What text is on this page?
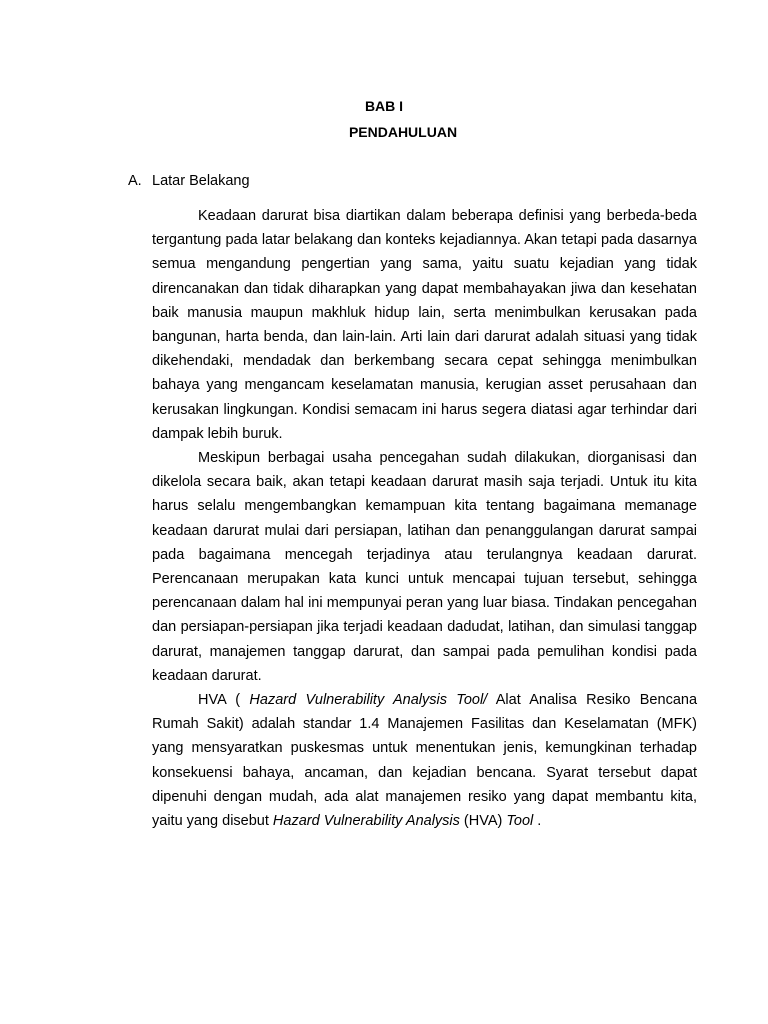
BAB I
PENDAHULUAN
A. Latar Belakang

Keadaan darurat bisa diartikan dalam beberapa definisi yang berbeda-beda tergantung pada latar belakang dan konteks kejadiannya. Akan tetapi pada dasarnya semua mengandung pengertian yang sama, yaitu suatu kejadian yang tidak direncanakan dan tidak diharapkan yang dapat membahayakan jiwa dan kesehatan baik manusia maupun makhluk hidup lain, serta menimbulkan kerusakan pada bangunan, harta benda, dan lain-lain. Arti lain dari darurat adalah situasi yang tidak dikehendaki, mendadak dan berkembang secara cepat sehingga menimbulkan bahaya yang mengancam keselamatan manusia, kerugian asset perusahaan dan kerusakan lingkungan. Kondisi semacam ini harus segera diatasi agar terhindar dari dampak lebih buruk.

Meskipun berbagai usaha pencegahan sudah dilakukan, diorganisasi dan dikelola secara baik, akan tetapi keadaan darurat masih saja terjadi. Untuk itu kita harus selalu mengembangkan kemampuan kita tentang bagaimana memanage keadaan darurat mulai dari persiapan, latihan dan penanggulangan darurat sampai pada bagaimana mencegah terjadinya atau terulangnya keadaan darurat. Perencanaan merupakan kata kunci untuk mencapai tujuan tersebut, sehingga perencanaan dalam hal ini mempunyai peran yang luar biasa. Tindakan pencegahan dan persiapan-persiapan jika terjadi keadaan dadudat, latihan, dan simulasi tanggap darurat, manajemen tanggap darurat, dan sampai pada pemulihan kondisi pada keadaan darurat.

HVA ( Hazard Vulnerability Analysis Tool/ Alat Analisa Resiko Bencana Rumah Sakit) adalah standar 1.4 Manajemen Fasilitas dan Keselamatan (MFK) yang mensyaratkan puskesmas untuk menentukan jenis, kemungkinan terhadap konsekuensi bahaya, ancaman, dan kejadian bencana. Syarat tersebut dapat dipenuhi dengan mudah, ada alat manajemen resiko yang dapat membantu kita, yaitu yang disebut Hazard Vulnerability Analysis (HVA) Tool .
